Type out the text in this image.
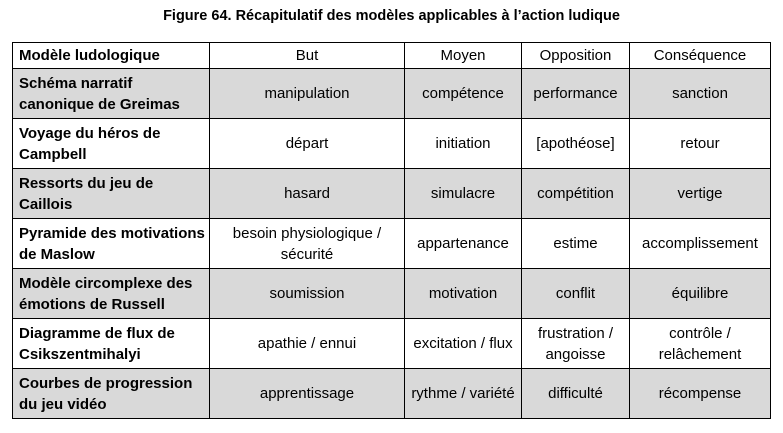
Figure 64. Récapitulatif des modèles applicables à l’action ludique
Modèle ludologique	But	Moyen	Opposition	Conséquence
Schéma narratif canonique de Greimas	manipulation	compétence	performance	sanction
Voyage du héros de Campbell	départ	initiation	[apothéose]	retour
Ressorts du jeu de Caillois	hasard	simulacre	compétition	vertige
Pyramide des motivations de Maslow	besoin physiologique / sécurité	appartenance	estime	accomplissement
Modèle circomplexe des émotions de Russell	soumission	motivation	conflit	équilibre
Diagramme de flux de Csikszentmihalyi	apathie / ennui	excitation / flux	frustration / angoisse	contrôle / relâchement
Courbes de progression du jeu vidéo	apprentissage	rythme / variété	difficulté	récompense
